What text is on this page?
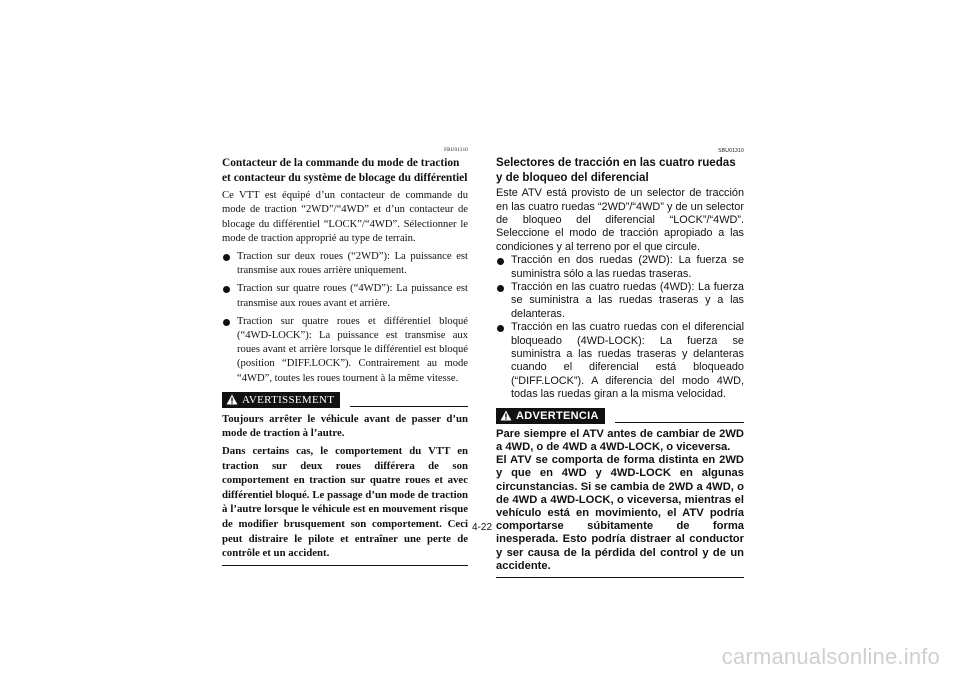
FBU01310
Contacteur de la commande du mode de traction et contacteur du système de blocage du différentiel
Ce VTT est équipé d’un contacteur de commande du mode de traction “2WD”/“4WD” et d’un contacteur de blocage du différentiel “LOCK”/“4WD”. Sélectionner le mode de traction approprié au type de terrain.
Traction sur deux roues (“2WD”): La puissance est transmise aux roues arrière uniquement.
Traction sur quatre roues (“4WD”): La puissance est transmise aux roues avant et arrière.
Traction sur quatre roues et différentiel bloqué (“4WD-LOCK”): La puissance est transmise aux roues avant et arrière lorsque le différentiel est bloqué (position “DIFF.LOCK”). Contrairement au mode “4WD”, toutes les roues tournent à la même vitesse.
AVERTISSEMENT
Toujours arrêter le véhicule avant de passer d’un mode de traction à l’autre.
Dans certains cas, le comportement du VTT en traction sur deux roues différera de son comportement en traction sur quatre roues et avec différentiel bloqué. Le passage d’un mode de traction à l’autre lorsque le véhicule est en mouvement risque de modifier brusquement son comportement. Ceci peut distraire le pilote et entraîner une perte de contrôle et un accident.
SBU01310
Selectores de tracción en las cuatro ruedas y de bloqueo del diferencial
Este ATV está provisto de un selector de tracción en las cuatro ruedas “2WD”/“4WD” y de un selector de bloqueo del diferencial “LOCK”/“4WD”. Seleccione el modo de tracción apropiado a las condiciones y al terreno por el que circule.
Tracción en dos ruedas (2WD): La fuerza se suministra sólo a las ruedas traseras.
Tracción en las cuatro ruedas (4WD): La fuerza se suministra a las ruedas traseras y a las delanteras.
Tracción en las cuatro ruedas con el diferencial bloqueado (4WD-LOCK): La fuerza se suministra a las ruedas traseras y delanteras cuando el diferencial está bloqueado (“DIFF.LOCK”). A diferencia del modo 4WD, todas las ruedas giran a la misma velocidad.
ADVERTENCIA
Pare siempre el ATV antes de cambiar de 2WD a 4WD, o de 4WD a 4WD-LOCK, o viceversa.
El ATV se comporta de forma distinta en 2WD y que en 4WD y 4WD-LOCK en algunas circunstancias. Si se cambia de 2WD a 4WD, o de 4WD a 4WD-LOCK, o viceversa, mientras el vehículo está en movimiento, el ATV podría comportarse súbitamente de forma inesperada. Esto podría distraer al conductor y ser causa de la pérdida del control y de un accidente.
4-22
carmanualsonline.info
